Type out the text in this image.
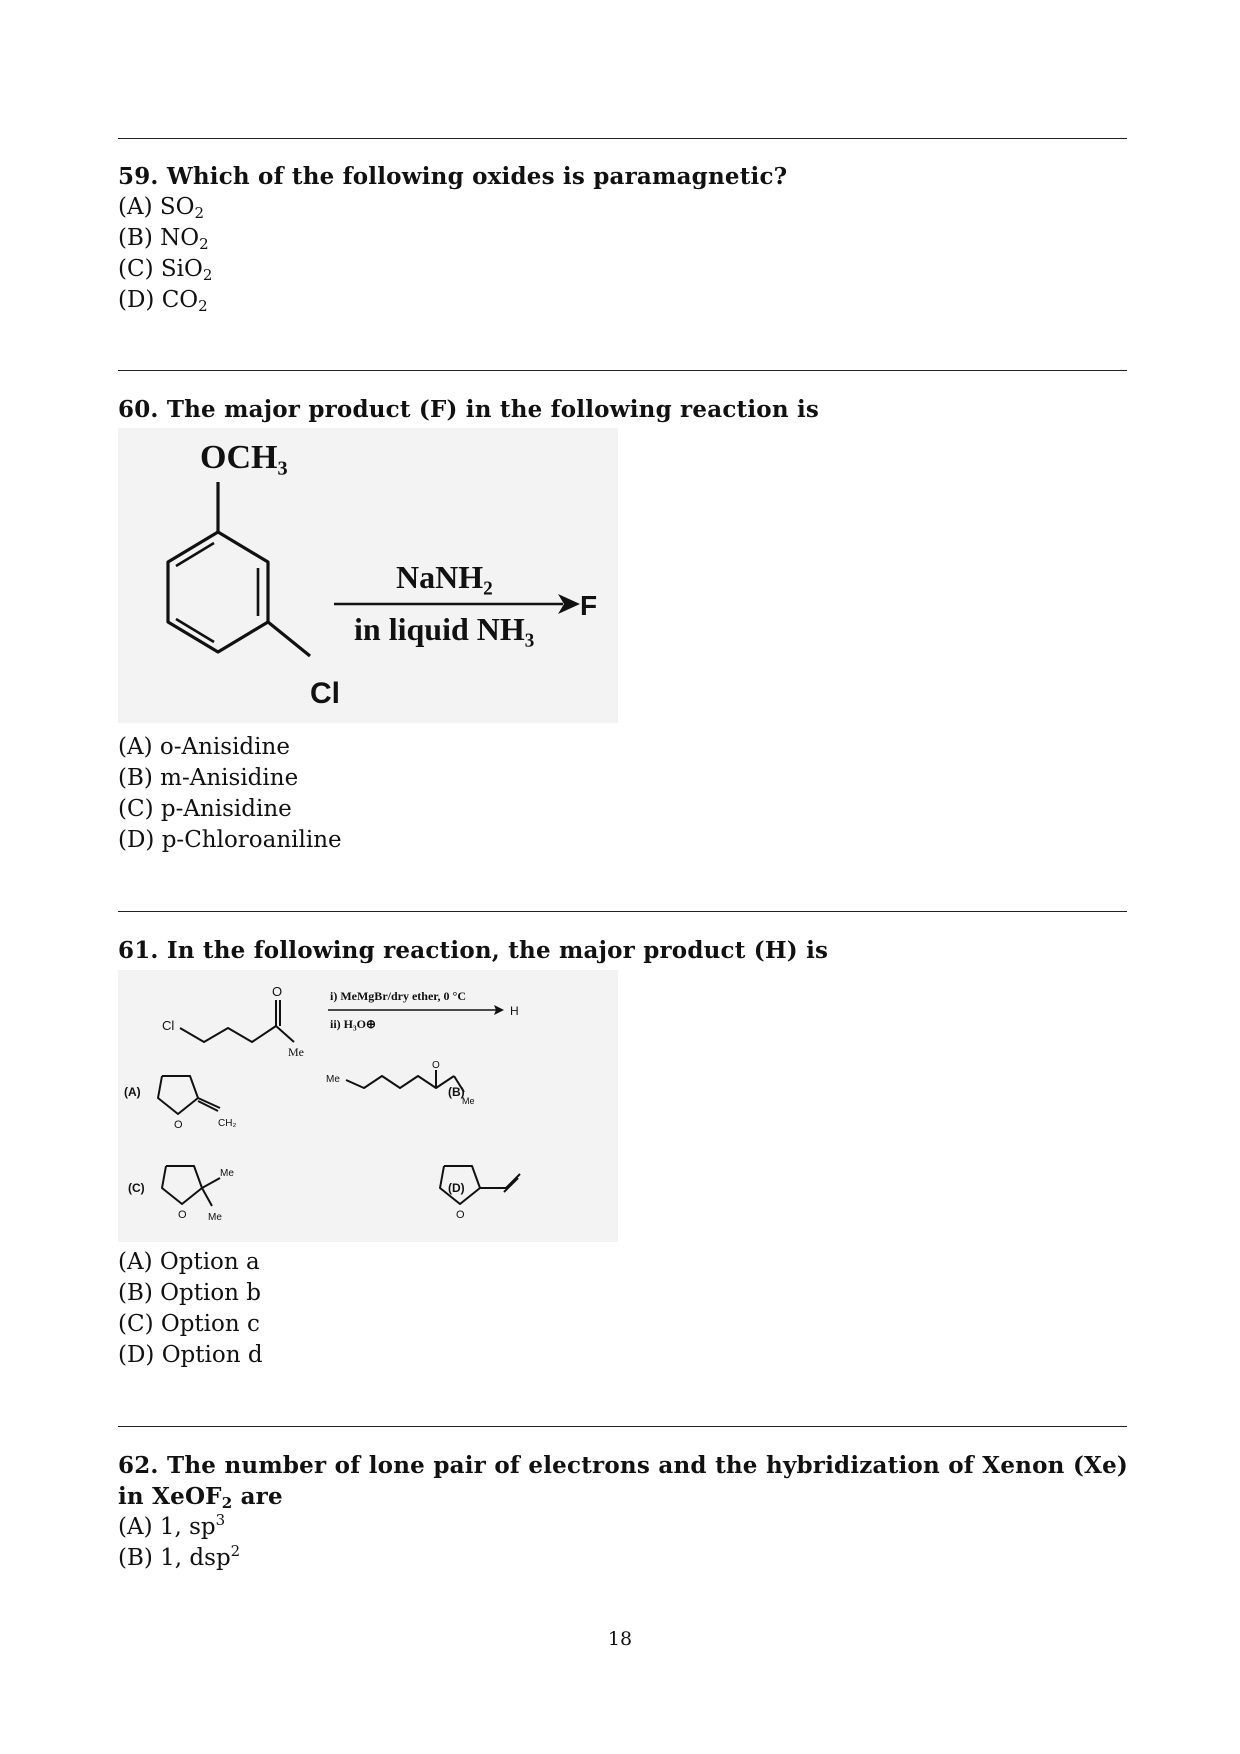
59. Which of the following oxides is paramagnetic?

(A) $SO_2$

(B) $NO_2$

(C) SiO$_2$

(D) $CO_2$

60. The major product (F) in the following reaction is

OCH₃
Cl
NaNH₂
in liquid NH₃
F

(A) o-Anisidine

(B) m-Anisidine

(C) p-Anisidine

(D) p-Chloroaniline

61. In the following reaction, the major product (H) is

Cl
O
Me
i) MeMgBr/dry ether, 0 °C
ii) H₃O⊕
H
(A)	(B)
(C)	(D)
O	CH₂
Me
O
Me
O
Me
Me	O

(A) Option a

(B) Option b

(C) Option c

(D) Option d

62. The number of lone pair of electrons and the hybridization of Xenon (Xe) in XeOF$_2$ are

(A) 1, $sp^3$

(B) 1, dsp$^2$

18
